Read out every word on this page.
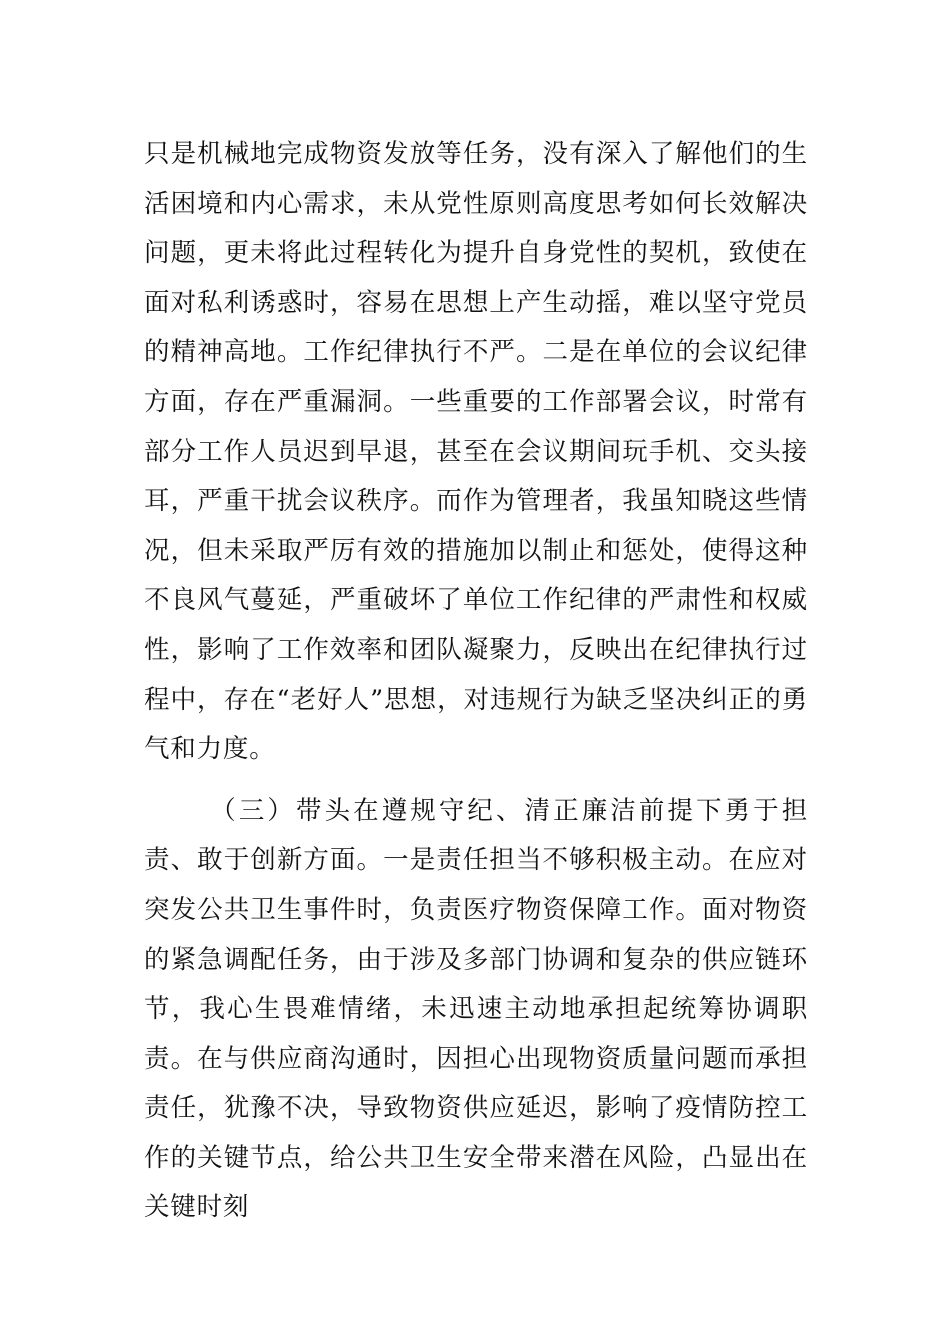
只是机械地完成物资发放等任务，没有深入了解他们的生活困境和内心需求，未从党性原则高度思考如何长效解决问题，更未将此过程转化为提升自身党性的契机，致使在面对私利诱惑时，容易在思想上产生动摇，难以坚守党员的精神高地。工作纪律执行不严。二是在单位的会议纪律方面，存在严重漏洞。一些重要的工作部署会议，时常有部分工作人员迟到早退，甚至在会议期间玩手机、交头接耳，严重干扰会议秩序。而作为管理者，我虽知晓这些情况，但未采取严厉有效的措施加以制止和惩处，使得这种不良风气蔓延，严重破坏了单位工作纪律的严肃性和权威性，影响了工作效率和团队凝聚力，反映出在纪律执行过程中，存在“老好人”思想，对违规行为缺乏坚决纠正的勇气和力度。

（三）带头在遵规守纪、清正廉洁前提下勇于担责、敢于创新方面。一是责任担当不够积极主动。在应对突发公共卫生事件时，负责医疗物资保障工作。面对物资的紧急调配任务，由于涉及多部门协调和复杂的供应链环节，我心生畏难情绪，未迅速主动地承担起统筹协调职责。在与供应商沟通时，因担心出现物资质量问题而承担责任，犹豫不决，导致物资供应延迟，影响了疫情防控工作的关键节点，给公共卫生安全带来潜在风险，凸显出在关键时刻
